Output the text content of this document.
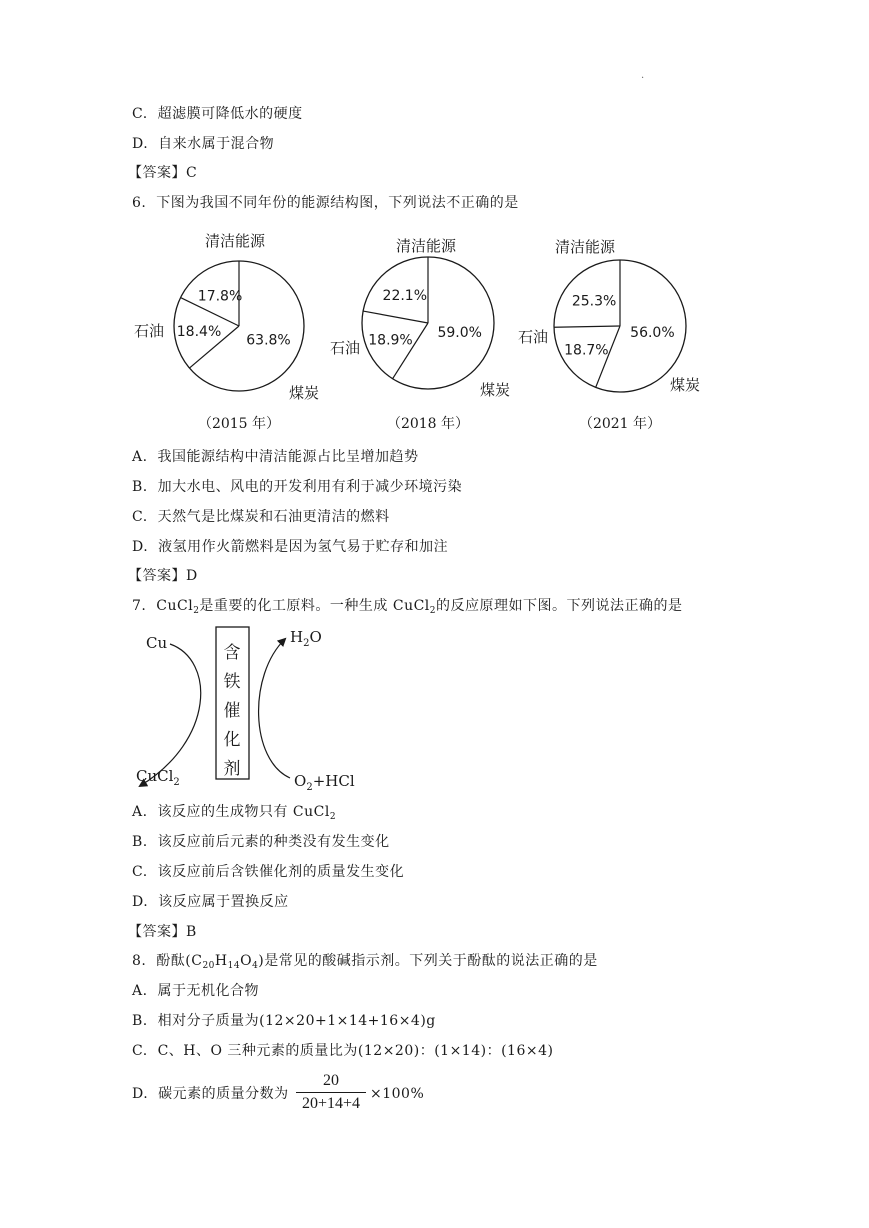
.
C. 超滤膜可降低水的硬度
D. 自来水属于混合物
【答案】C
6. 下图为我国不同年份的能源结构图，下列说法不正确的是
17.8%
18.4%
63.8%
清洁能源
石油
煤炭
（2015 年）
22.1%
18.9% 59.0%
清洁能源
石油
煤炭
（2018 年）
25.3%
18.7%
56.0%
清洁能源
石油
煤炭
（2021 年）
A. 我国能源结构中清洁能源占比呈增加趋势
B. 加大水电、风电的开发利用有利于减少环境污染
C. 天然气是比煤炭和石油更清洁的燃料
D. 液氢用作火箭燃料是因为氢气易于贮存和加注
【答案】D
7. CuCl$_2$是重要的化工原料。一种生成 CuCl$_2$的反应原理如下图。下列说法正确的是
含
铁
催
化
剂
Cu	$H_2O$
CuCl$_2$	$O_2+HCl$
A. 该反应的生成物只有 CuCl$_2$
B. 该反应前后元素的种类没有发生变化
C. 该反应前后含铁催化剂的质量发生变化
D. 该反应属于置换反应
【答案】B
8. 酚酞$(C_{20}H_{14}O_4)$是常见的酸碱指示剂。下列关于酚酞的说法正确的是
A. 属于无机化合物
B. 相对分子质量为(12×20+1×14+16×4)g
C. C、H、O 三种元素的质量比为(12×20)：(1×14)：(16×4)
D. 碳元素的质量分数为
20
20+14+4
×100%
